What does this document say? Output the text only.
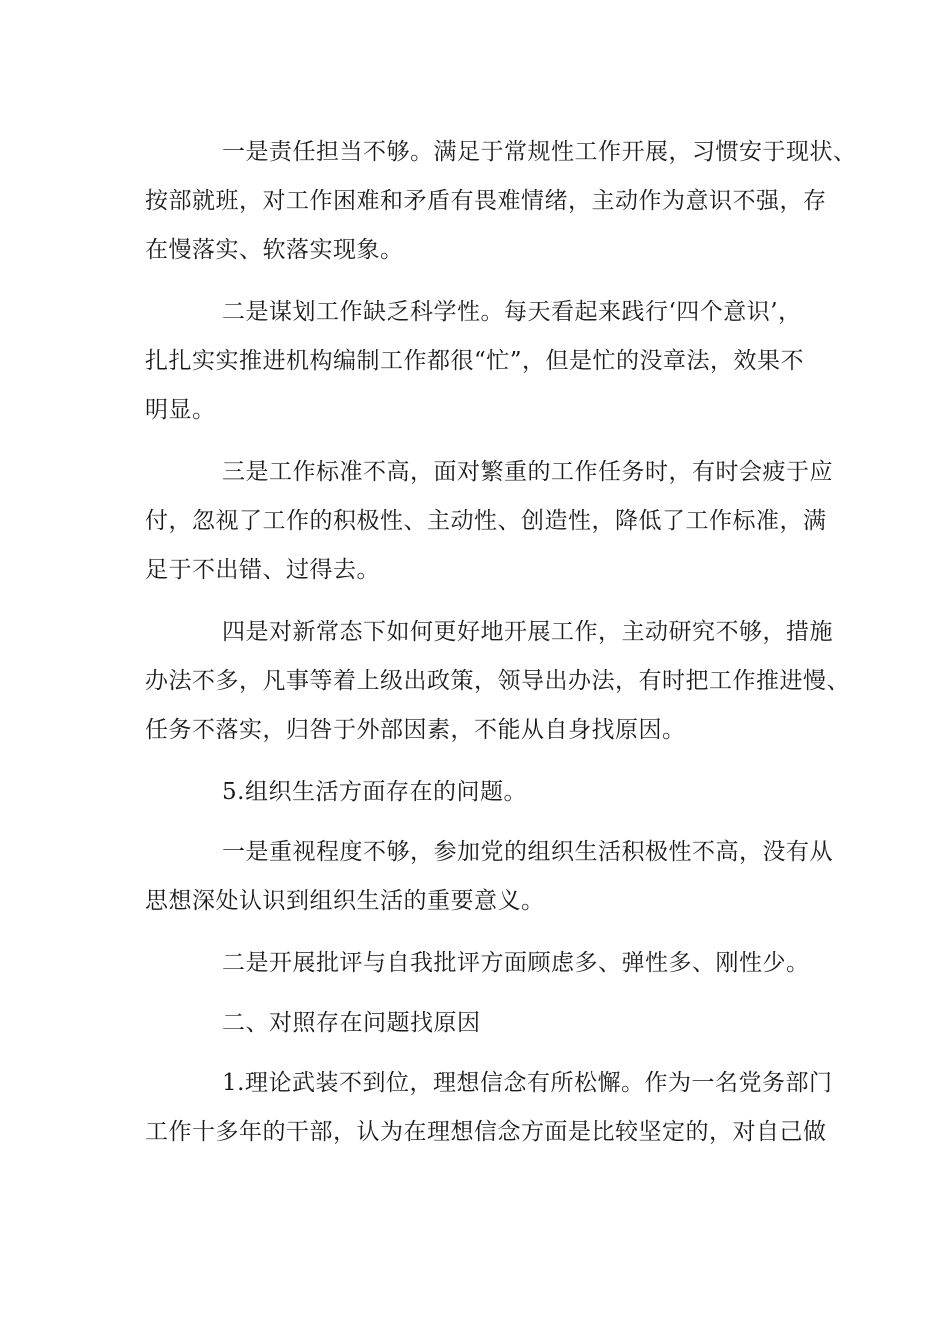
一是责任担当不够。满足于常规性工作开展，习惯安于现状、
按部就班，对工作困难和矛盾有畏难情绪，主动作为意识不强，存
在慢落实、软落实现象。
二是谋划工作缺乏科学性。每天看起来践行‘四个意识’，
扎扎实实推进机构编制工作都很“忙”，但是忙的没章法，效果不
明显。
三是工作标准不高，面对繁重的工作任务时，有时会疲于应
付，忽视了工作的积极性、主动性、创造性，降低了工作标准，满
足于不出错、过得去。
四是对新常态下如何更好地开展工作，主动研究不够，措施
办法不多，凡事等着上级出政策，领导出办法，有时把工作推进慢、
任务不落实，归咎于外部因素，不能从自身找原因。
5.组织生活方面存在的问题。
一是重视程度不够，参加党的组织生活积极性不高，没有从
思想深处认识到组织生活的重要意义。
二是开展批评与自我批评方面顾虑多、弹性多、刚性少。
二、对照存在问题找原因
1.理论武装不到位，理想信念有所松懈。作为一名党务部门
工作十多年的干部，认为在理想信念方面是比较坚定的，对自己做
